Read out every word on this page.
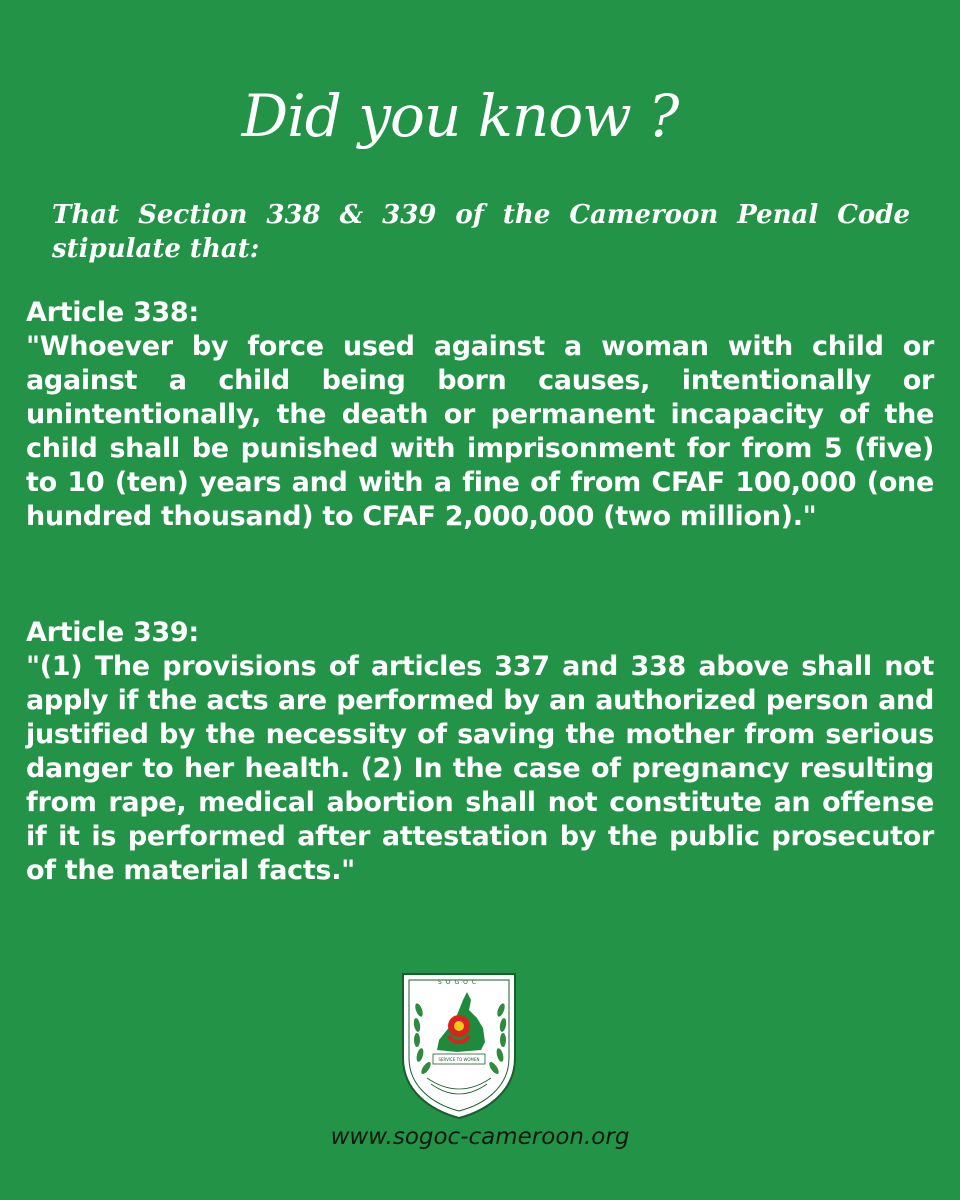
Did you know ?
That Section 338 & 339 of the Cameroon Penal Code stipulate that:
Article 338:
"Whoever by force used against a woman with child or against a child being born causes, intentionally or unintentionally, the death or permanent incapacity of the child shall be punished with imprisonment for from 5 (five) to 10 (ten) years and with a fine of from CFAF 100,000 (one hundred thousand) to CFAF 2,000,000 (two million)."
Article 339:
"(1) The provisions of articles 337 and 338 above shall not apply if the acts are performed by an authorized person and justified by the necessity of saving the mother from serious danger to her health. (2) In the case of pregnancy resulting from rape, medical abortion shall not constitute an offense if it is performed after attestation by the public prosecutor of the material facts."
SERVICE TO WOMEN
SOGOC
www.sogoc-cameroon.org
